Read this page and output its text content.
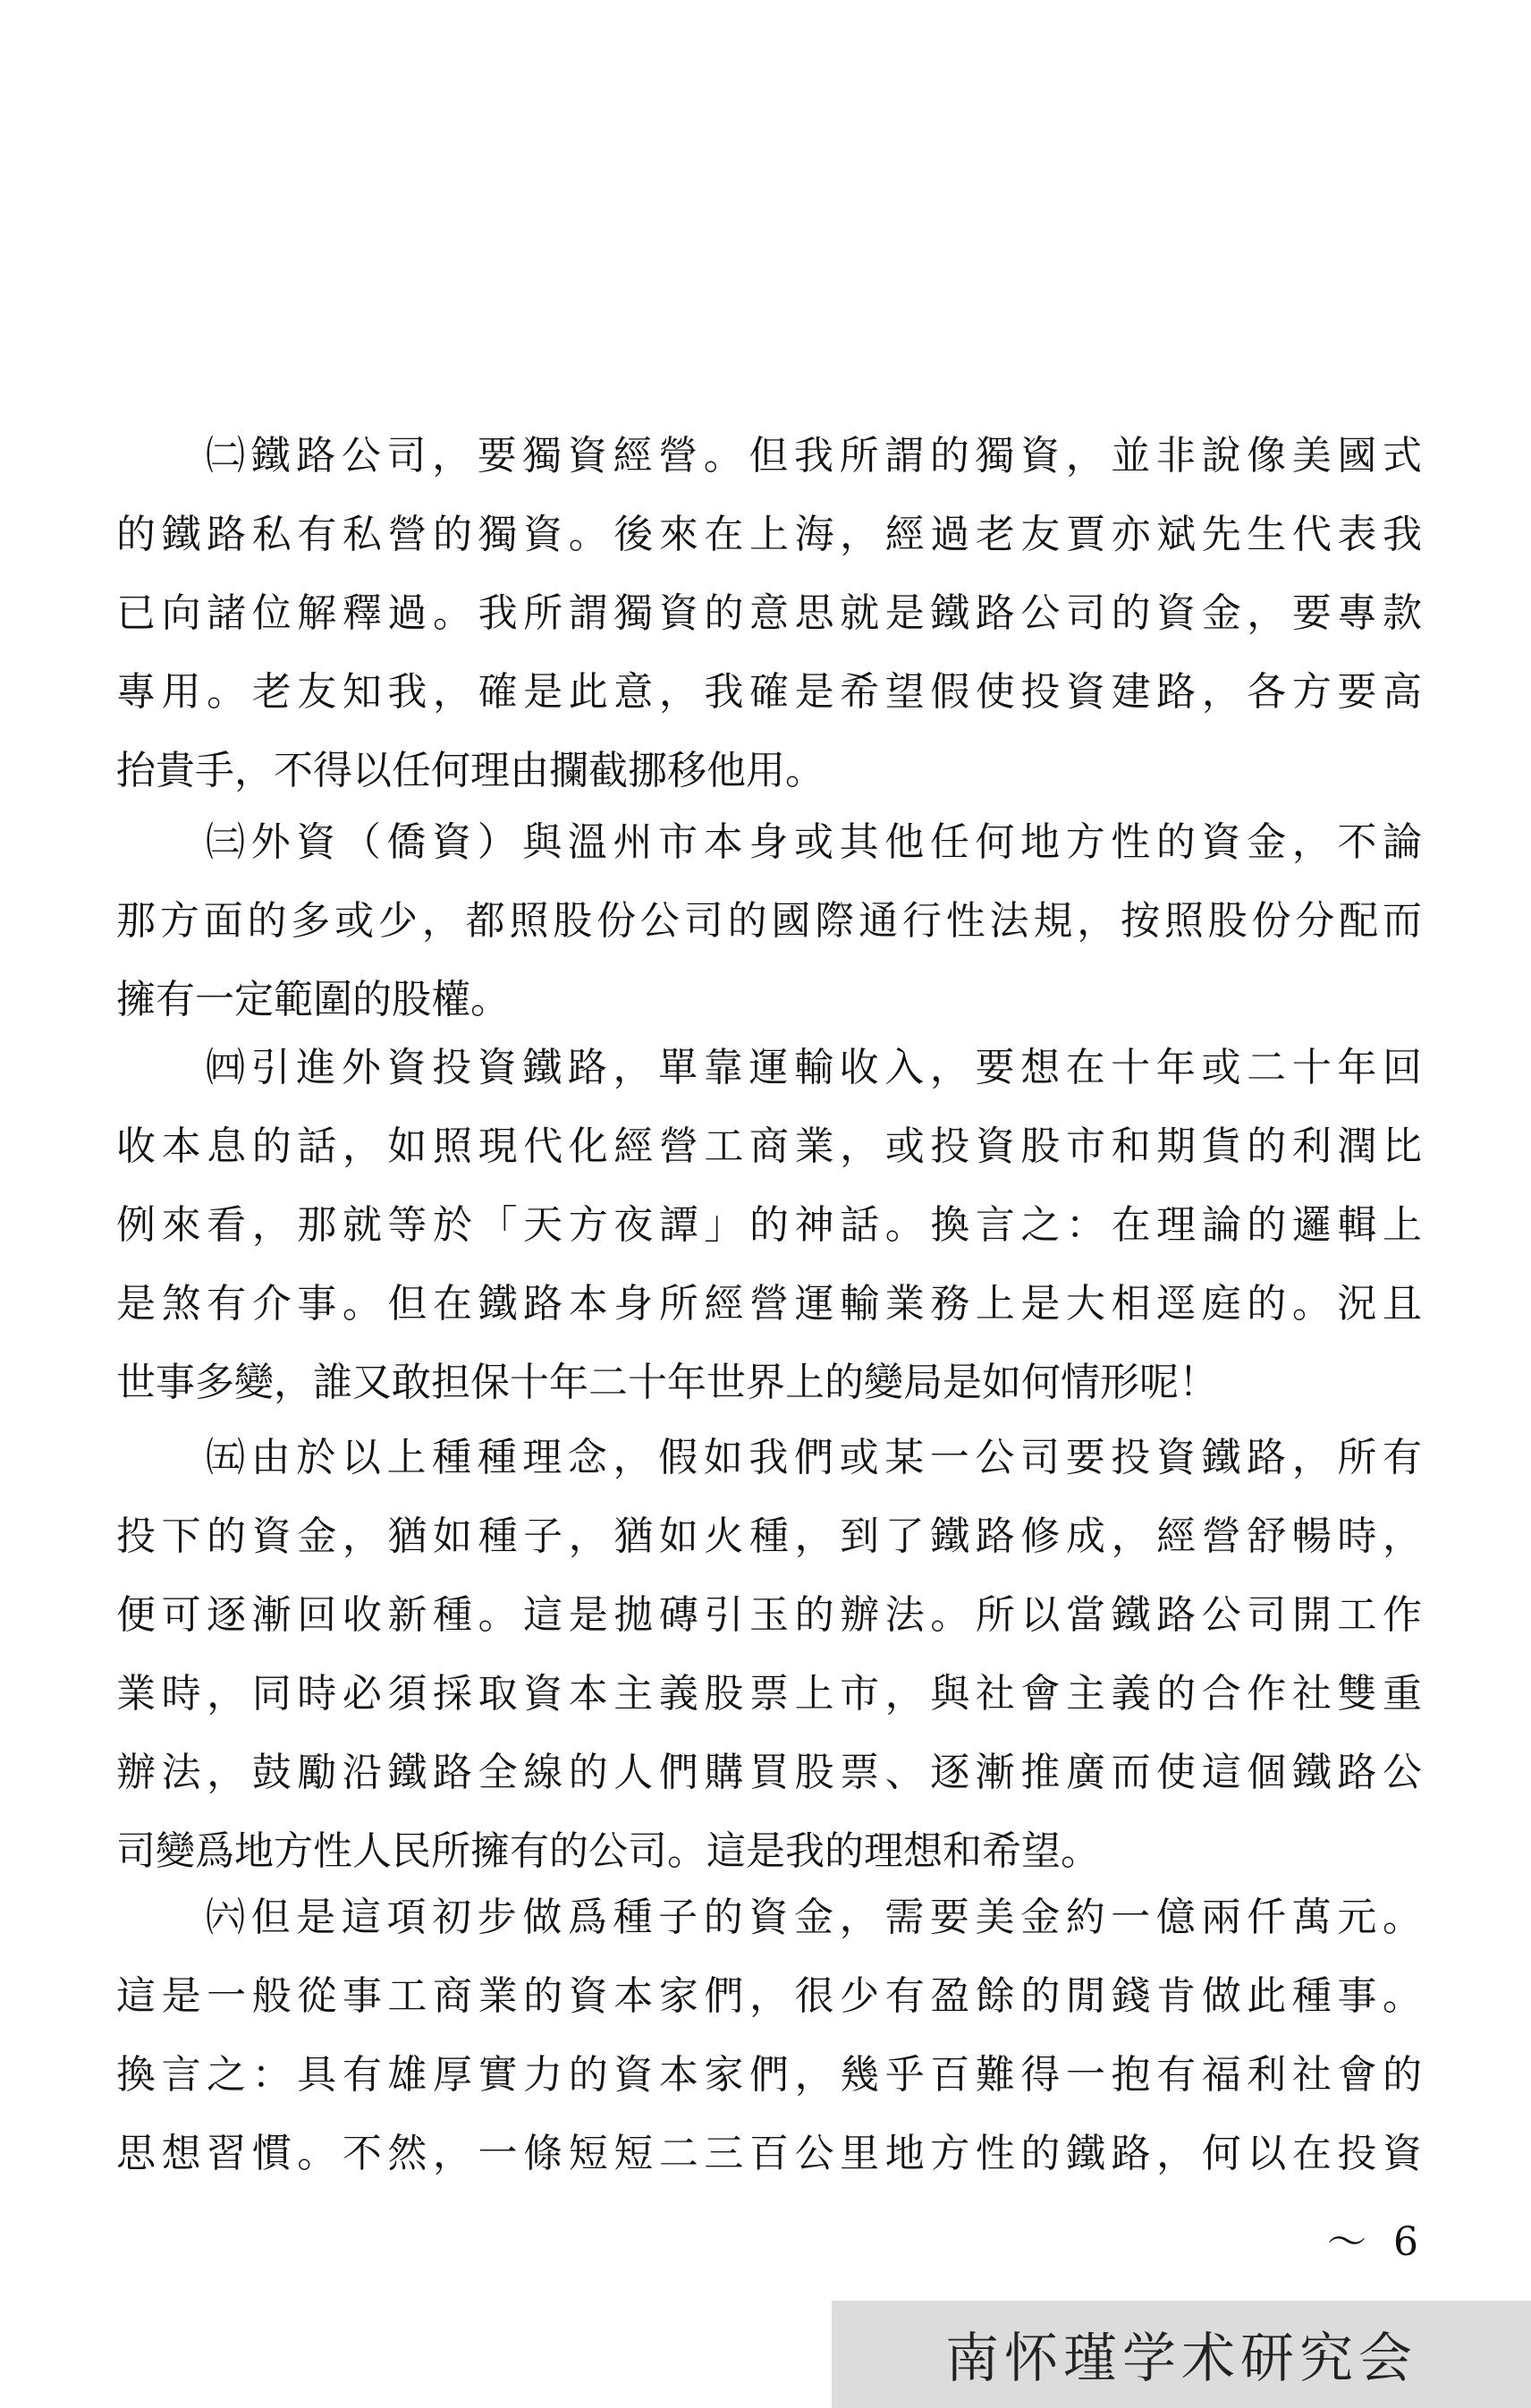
㈡鐵路公司，要獨資經營。但我所謂的獨資，並非說像美國式
的鐵路私有私營的獨資。後來在上海，經過老友賈亦斌先生代表我
已向諸位解釋過。我所謂獨資的意思就是鐵路公司的資金，要專款
專用。老友知我，確是此意，我確是希望假使投資建路，各方要高
抬貴手，不得以任何理由攔截挪移他用。
㈢外資（僑資）與溫州市本身或其他任何地方性的資金，不論
那方面的多或少，都照股份公司的國際通行性法規，按照股份分配而
擁有一定範圍的股權。
㈣引進外資投資鐵路，單靠運輸收入，要想在十年或二十年回
收本息的話，如照現代化經營工商業，或投資股市和期貨的利潤比
例來看，那就等於「天方夜譚」的神話。換言之：在理論的邏輯上
是煞有介事。但在鐵路本身所經營運輸業務上是大相逕庭的。況且
世事多變，誰又敢担保十年二十年世界上的變局是如何情形呢！
㈤由於以上種種理念，假如我們或某一公司要投資鐵路，所有
投下的資金，猶如種子，猶如火種，到了鐵路修成，經營舒暢時，
便可逐漸回收新種。這是拋磚引玉的辦法。所以當鐵路公司開工作
業時，同時必須採取資本主義股票上市，與社會主義的合作社雙重
辦法，鼓勵沿鐵路全線的人們購買股票、逐漸推廣而使這個鐵路公
司變爲地方性人民所擁有的公司。這是我的理想和希望。
㈥但是這項初步做爲種子的資金，需要美金約一億兩仟萬元。
這是一般從事工商業的資本家們，很少有盈餘的閒錢肯做此種事。
換言之：具有雄厚實力的資本家們，幾乎百難得一抱有福利社會的
思想習慣。不然，一條短短二三百公里地方性的鐵路，何以在投資
～ 6
南怀瑾学术研究会
